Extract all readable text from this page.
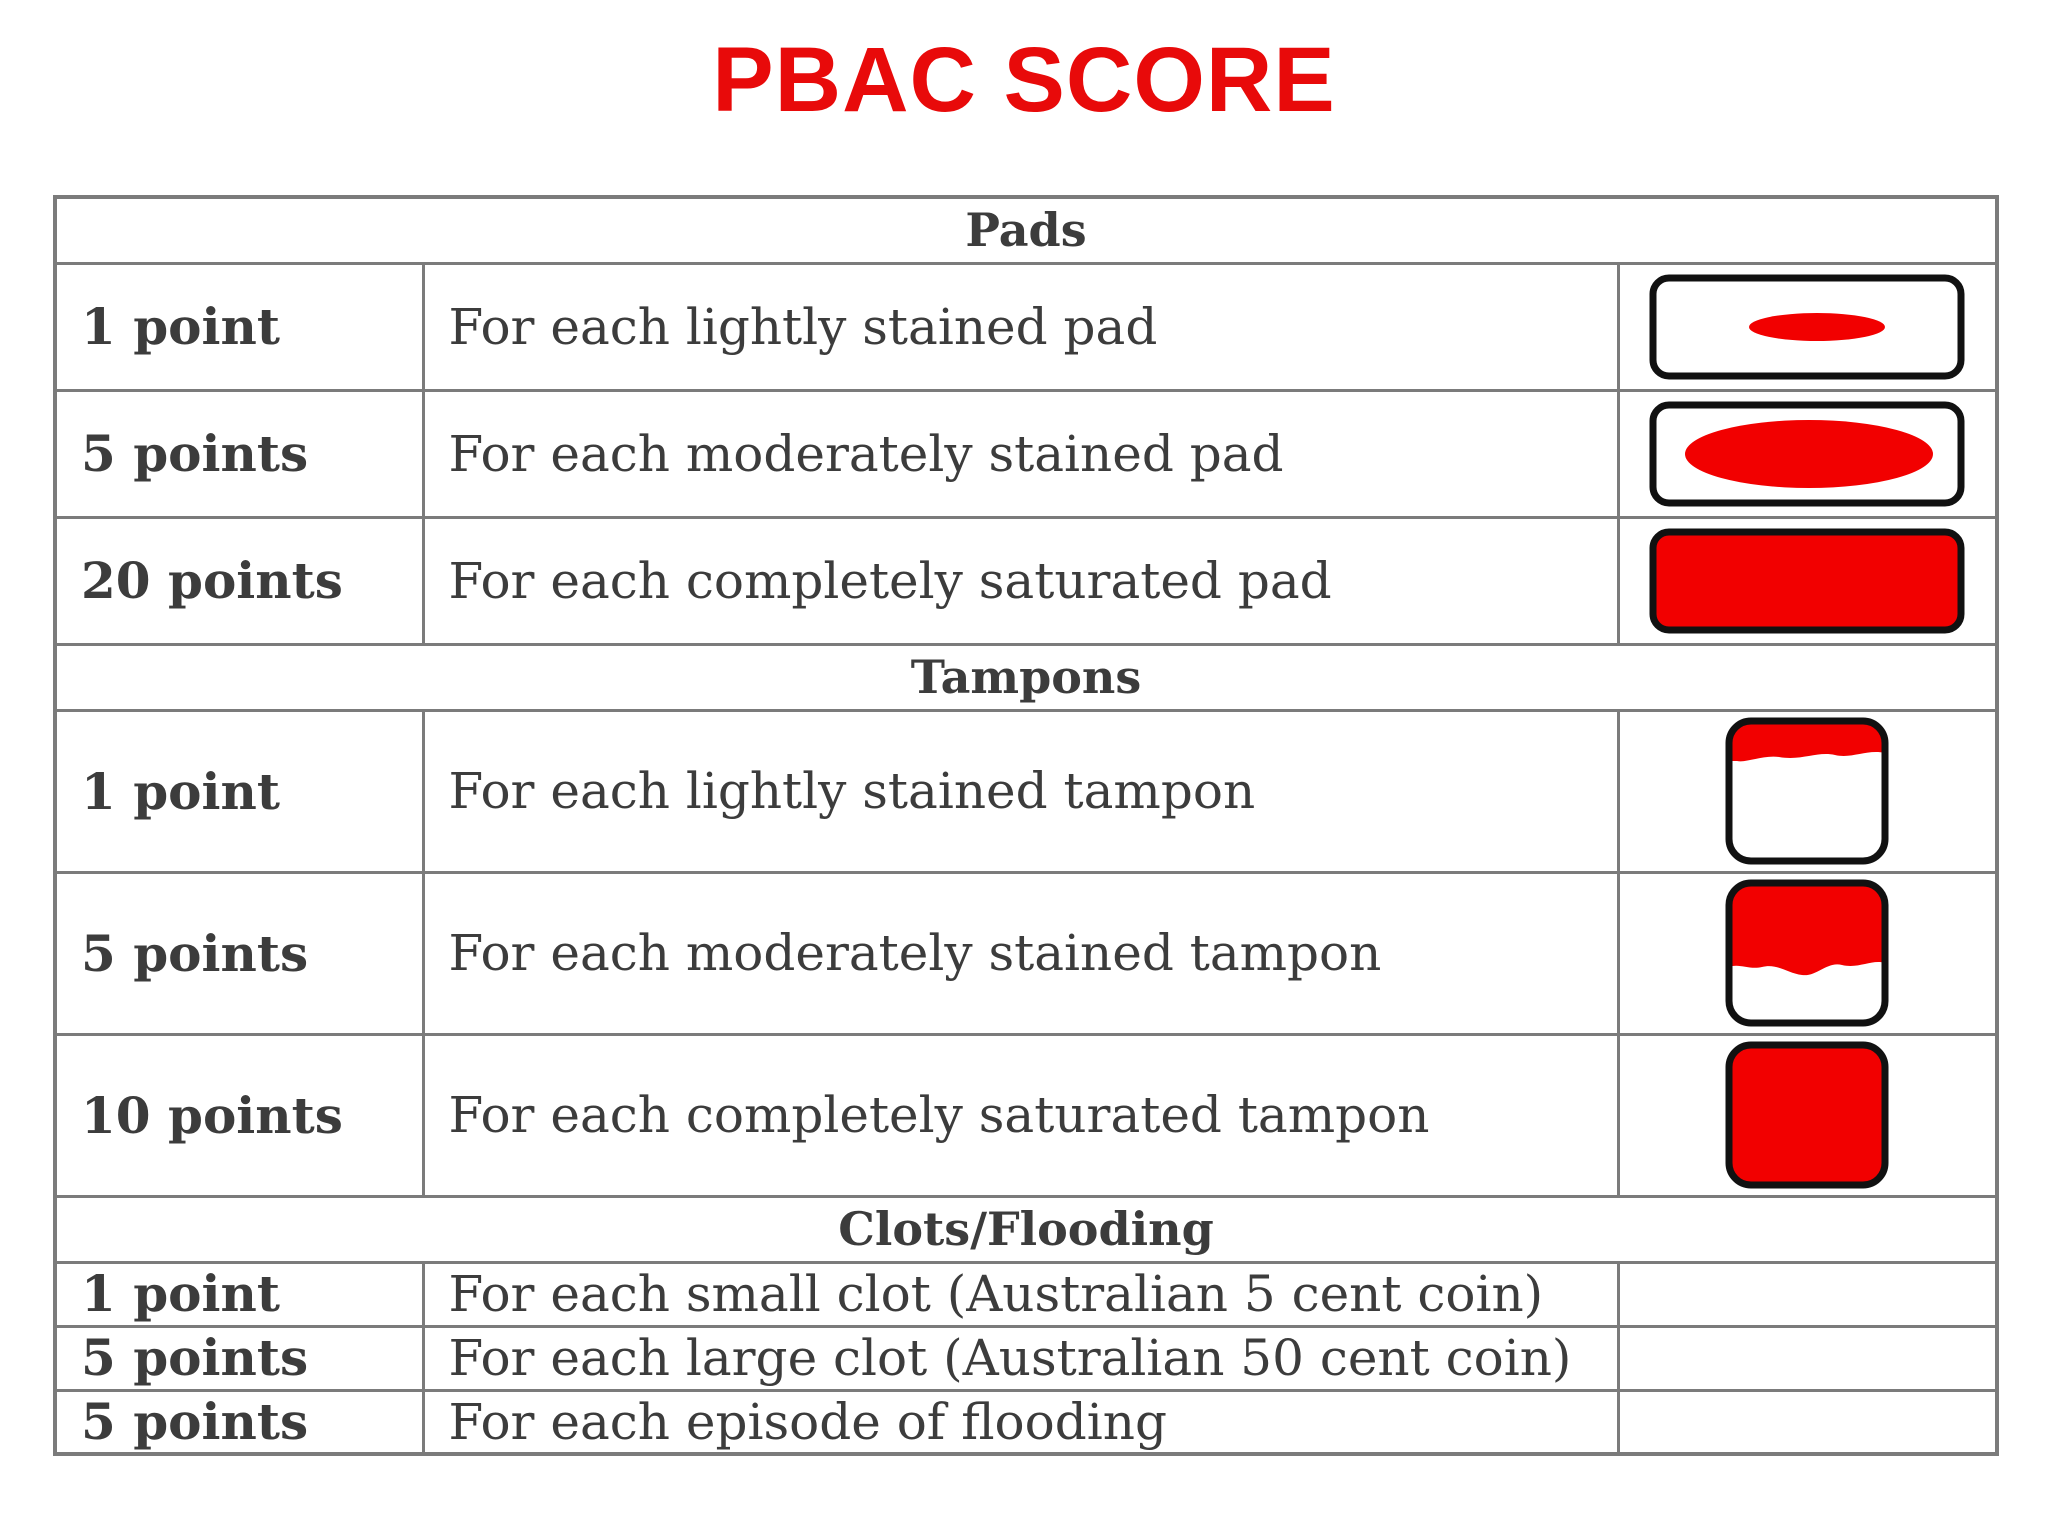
PBAC SCORE
Pads		
1 point	For each lightly stained pad	

5 points	For each moderately stained pad	

20 points	For each completely saturated pad	

Tampons		
1 point	For each lightly stained tampon	

5 points	For each moderately stained tampon	

10 points	For each completely saturated tampon	

Clots/Flooding		
1 point	For each small clot (Australian 5 cent coin)	
5 points	For each large clot (Australian 50 cent coin)	
5 points	For each episode of flooding	
